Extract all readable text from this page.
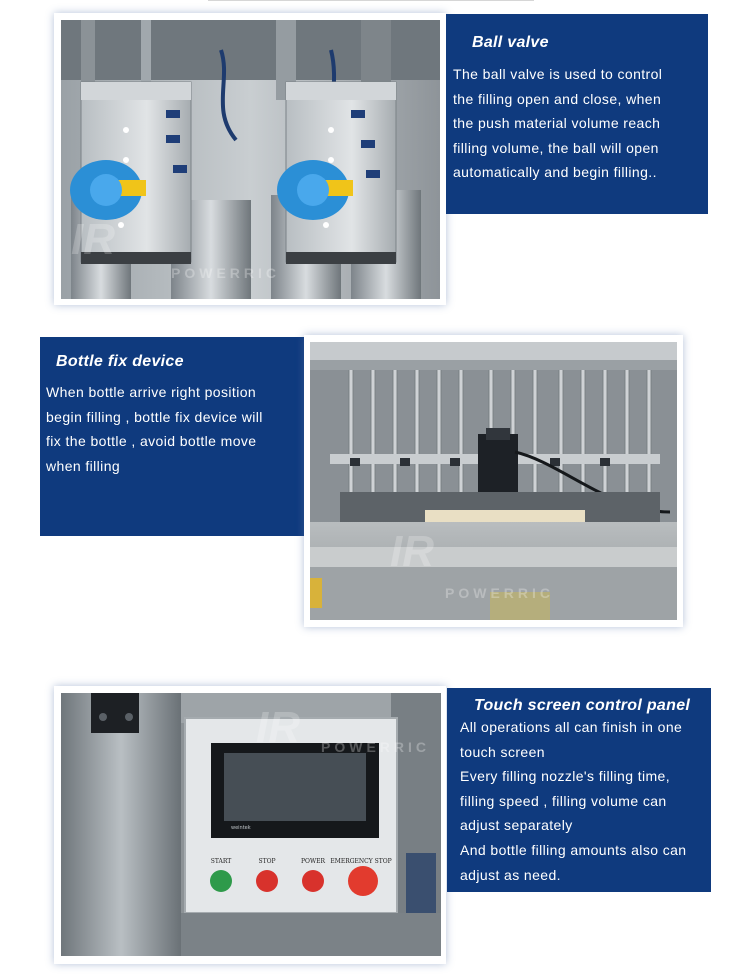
IR
POWERRIC
Ball valve

The ball valve is used to control

the filling open and close, when

the push material volume reach

filling volume, the ball will open

automatically and begin filling..

Bottle fix device

When bottle arrive right position

begin filling , bottle fix device will

fix the bottle , avoid bottle move

when filling

IR
POWERRIC
weintek
START	STOP	POWER EMERGENCY STOP
IR POWERRIC
Touch screen control panel

All operations all can finish in one

touch screen

Every filling nozzle's filling time,

filling speed , filling volume can

adjust separately

And bottle filling amounts also can

adjust as need.
